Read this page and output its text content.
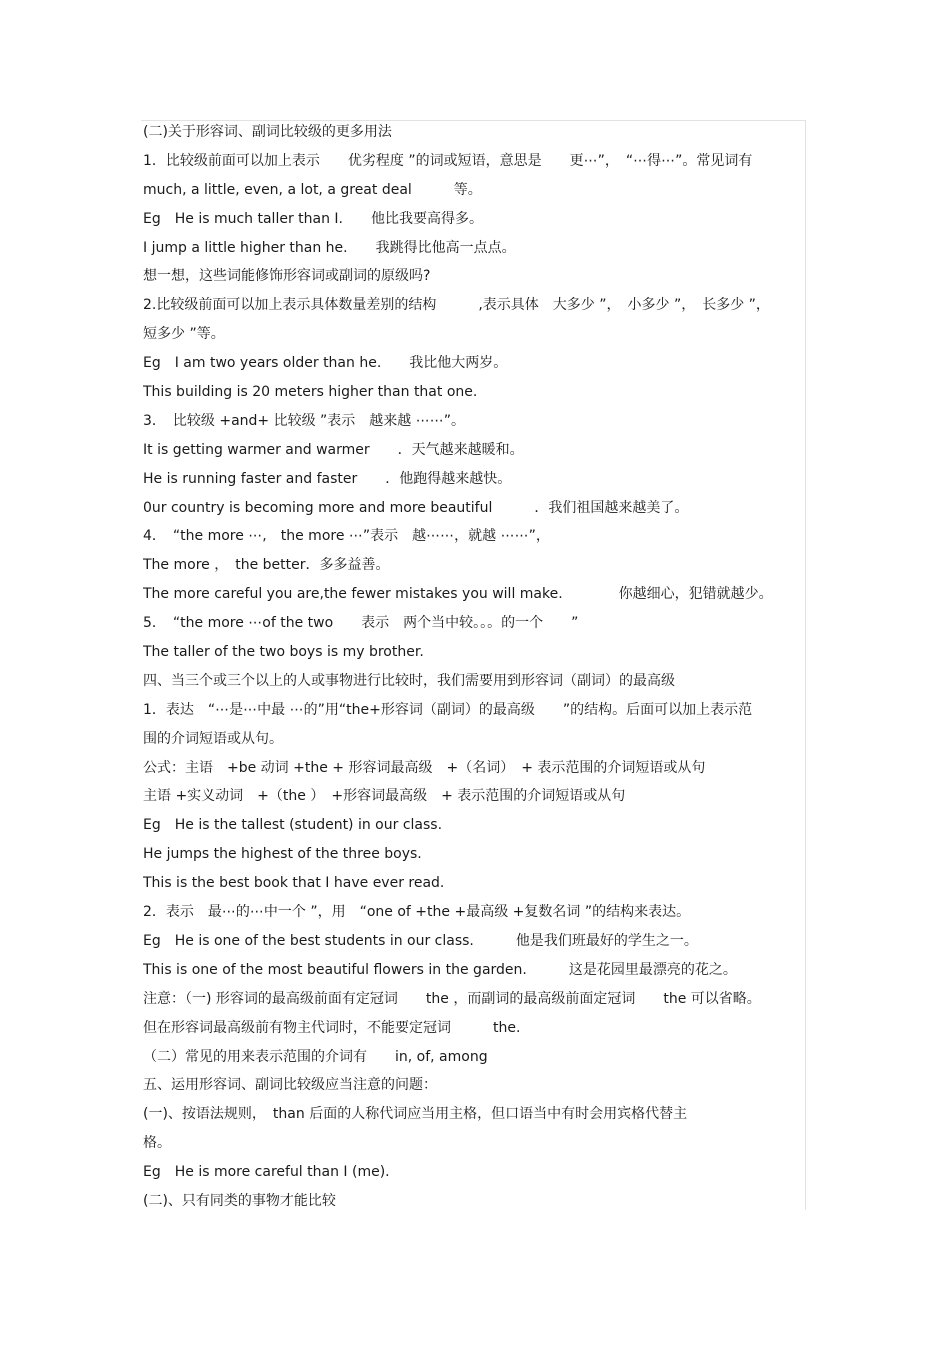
(二)关于形容词、副词比较级的更多用法
1．比较级前面可以加上表示　　优劣程度 ”的词或短语，意思是　　更⋯”，　“⋯得⋯”。常见词有
much, a little, even, a lot, a great deal　　　等。
Eg　He is much taller than I.　　他比我要高得多。
I jump a little higher than he.　　我跳得比他高一点点。
想一想，这些词能修饰形容词或副词的原级吗?
2.比较级前面可以加上表示具体数量差别的结构　　　,表示具体　大多少 ”，　小多少 ”，　长多少 ”，
短多少 ”等。
Eg　I am two years older than he.　　我比他大两岁。
This building is 20 meters higher than that one.
3．　比较级 +and+ 比较级 ”表示　越来越 ⋯⋯”。
It is getting warmer and warmer　　．天气越来越暖和。
He is running faster and faster　　．他跑得越来越快。
0ur country is becoming more and more beautiful　　　．我们祖国越来越美了。
4．　“the more ⋯,　the more ⋯”表示　越⋯⋯，就越 ⋯⋯”，
The more ，　the better．多多益善。
The more careful you are,the fewer mistakes you will make.　　　　你越细心，犯错就越少。
5．　“the more ⋯of the two　　表示　两个当中较。。。的一个　　”
The taller of the two boys is my brother.
四、当三个或三个以上的人或事物进行比较时，我们需要用到形容词（副词）的最高级
1．表达　“⋯是⋯中最 ⋯的”用“the+形容词（副词）的最高级　　”的结构。后面可以加上表示范
围的介词短语或从句。
公式：主语　+be 动词 +the + 形容词最高级　+（名词）　+ 表示范围的介词短语或从句
主语 +实义动词　+（the ）　+形容词最高级　+ 表示范围的介词短语或从句
Eg　He is the tallest (student) in our class.
He jumps the highest of the three boys.
This is the best book that I have ever read.
2．表示　最⋯的⋯中一个 ”，用　“one of +the +最高级 +复数名词 ”的结构来表达。
Eg　He is one of the best students in our class.　　　他是我们班最好的学生之一。
This is one of the most beautiful flowers in the garden.　　　这是花园里最漂亮的花之。
注意：（一) 形容词的最高级前面有定冠词　　the ，而副词的最高级前面定冠词　　the 可以省略。
但在形容词最高级前有物主代词时，不能要定冠词　　　the.
（二）常见的用来表示范围的介词有　　in, of, among
五、运用形容词、副词比较级应当注意的问题：
(一)、按语法规则，　than 后面的人称代词应当用主格，但口语当中有时会用宾格代替主
格。
Eg　He is more careful than I (me).
(二)、只有同类的事物才能比较
